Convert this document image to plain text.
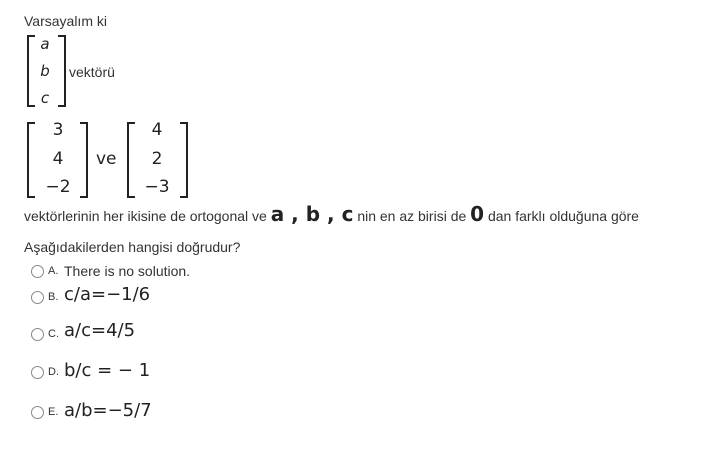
Varsayalım ki
a
b
c
vektörü
3
4
−2
ve
4
2
−3
vektörlerinin her ikisine de ortogonal ve a , b , c nin en az birisi de 0 dan farklı olduğuna göre
Aşağıdakilerden hangisi doğrudur?
A. There is no solution.
B. c/a=−1/6
C. a/c=4/5
D. b/c = − 1
E. a/b=−5/7
